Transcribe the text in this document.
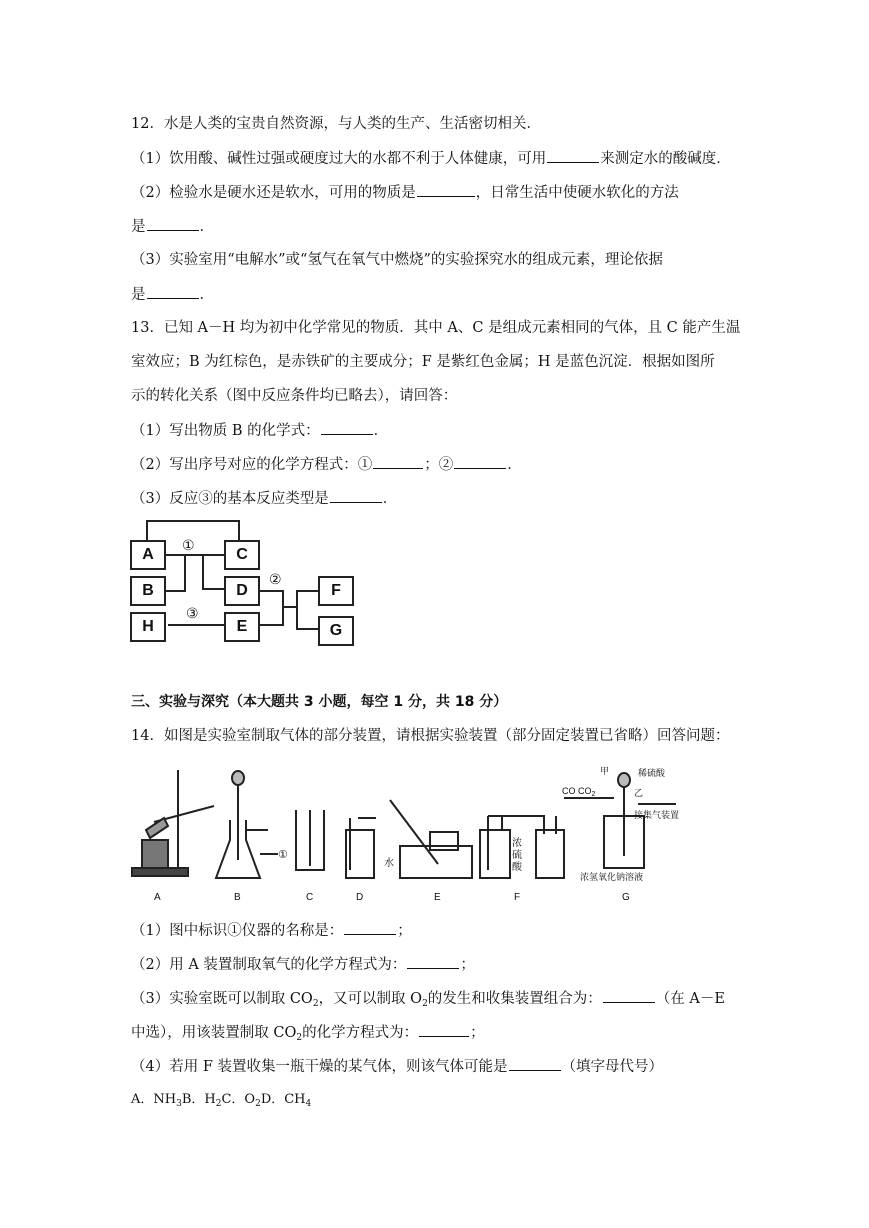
12．水是人类的宝贵自然资源，与人类的生产、生活密切相关．
（1）饮用酸、碱性过强或硬度过大的水都不利于人体健康，可用	来测定水的酸碱度．
（2）检验水是硬水还是软水，可用的物质是	，日常生活中使硬水软化的方法
是	．
（3）实验室用“电解水”或“氢气在氧气中燃烧”的实验探究水的组成元素，理论依据
是	．
13．已知 A－H 均为初中化学常见的物质．其中 A、C 是组成元素相同的气体，且 C 能产生温
室效应；B 为红棕色，是赤铁矿的主要成分；F 是紫红色金属；H 是蓝色沉淀．根据如图所
示的转化关系（图中反应条件均已略去），请回答：
（1）写出物质 B 的化学式：	．
（2）写出序号对应的化学方程式：①	；②	．
（3）反应③的基本反应类型是	．
A	C
B	D
H	E
F
G
①
②
③
三、实验与深究（本大题共 3 小题，每空 1 分，共 18 分）
14．如图是实验室制取气体的部分装置，请根据实验装置（部分固定装置已省略）回答问题：
A	B	C	D	E	F	G
①
水
浓
硫
酸
CO $CO_2$
甲
乙
稀硫酸
接集气装置
浓氢氧化钠溶液
（1）图中标识①仪器的名称是：	；
（2）用 A 装置制取氧气的化学方程式为：	；
（3）实验室既可以制取 $CO_2$，又可以制取 $O_2$的发生和收集装置组合为：	（在 A－E
中选），用该装置制取 $CO_2$的化学方程式为：	；
（4）若用 F 装置收集一瓶干燥的某气体，则该气体可能是	（填字母代号）
A．$NH_3B$．$H_2C$．$O_2D$．$CH_4$
